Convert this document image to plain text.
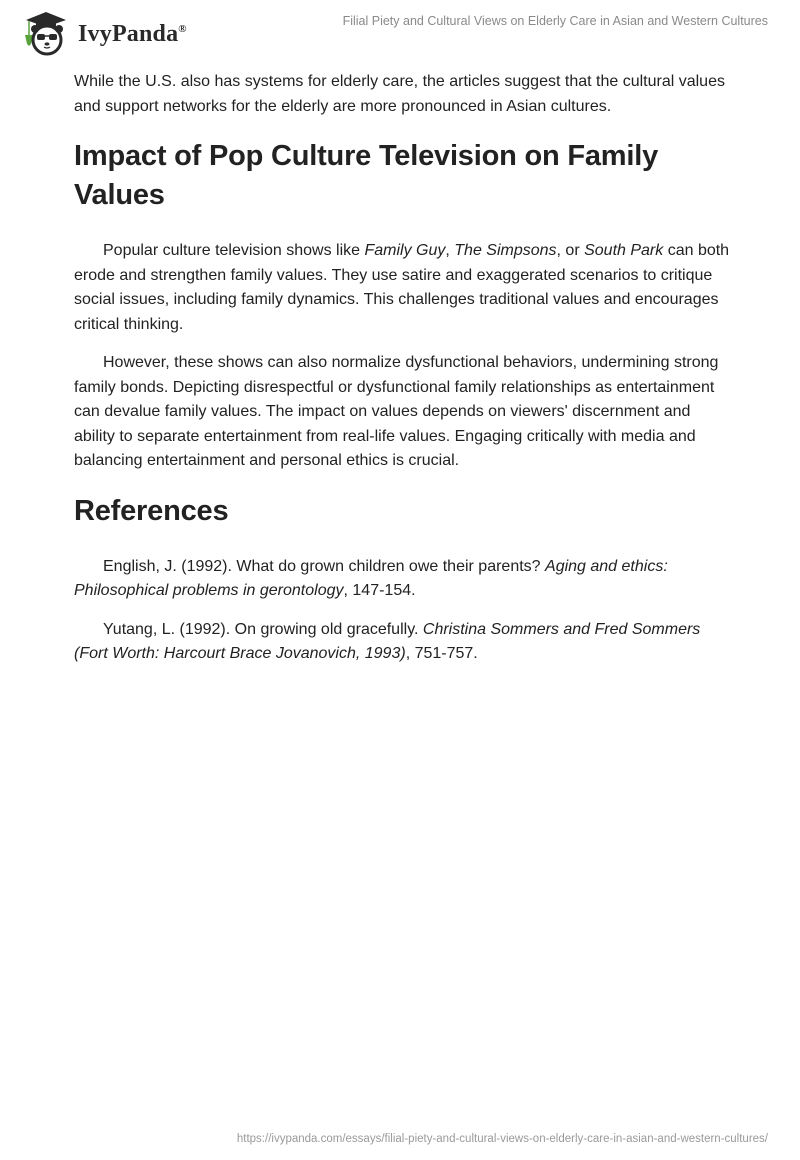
IvyPanda®
Filial Piety and Cultural Views on Elderly Care in Asian and Western Cultures

While the U.S. also has systems for elderly care, the articles suggest that the cultural values and support networks for the elderly are more pronounced in Asian cultures.

Impact of Pop Culture Television on Family Values

Popular culture television shows like Family Guy, The Simpsons, or South Park can both erode and strengthen family values. They use satire and exaggerated scenarios to critique social issues, including family dynamics. This challenges traditional values and encourages critical thinking.

However, these shows can also normalize dysfunctional behaviors, undermining strong family bonds. Depicting disrespectful or dysfunctional family relationships as entertainment can devalue family values. The impact on values depends on viewers' discernment and ability to separate entertainment from real-life values. Engaging critically with media and balancing entertainment and personal ethics is crucial.

References

English, J. (1992). What do grown children owe their parents? Aging and ethics: Philosophical problems in gerontology, 147-154.

Yutang, L. (1992). On growing old gracefully. Christina Sommers and Fred Sommers (Fort Worth: Harcourt Brace Jovanovich, 1993), 751-757.

https://ivypanda.com/essays/filial-piety-and-cultural-views-on-elderly-care-in-asian-and-western-cultures/
